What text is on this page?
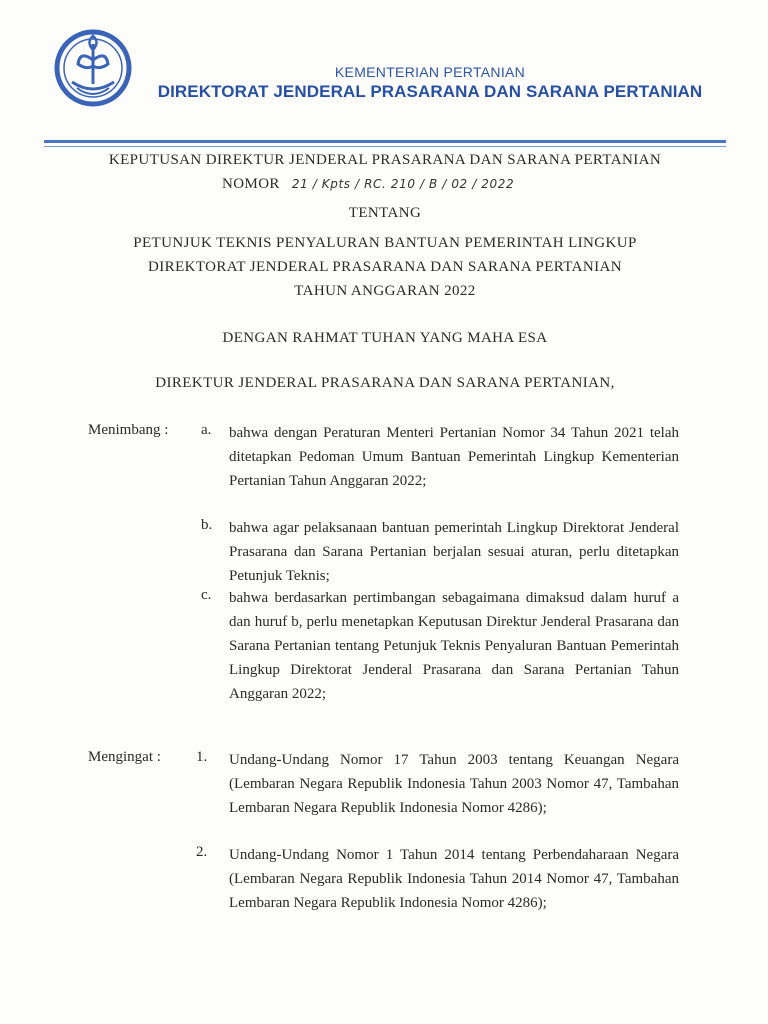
KEMENTERIAN PERTANIAN
DIREKTORAT JENDERAL PRASARANA DAN SARANA PERTANIAN
KEPUTUSAN DIREKTUR JENDERAL PRASARANA DAN SARANA PERTANIAN
NOMOR 21 / Kpts / RC. 210 / B / 02 / 2022
TENTANG
PETUNJUK TEKNIS PENYALURAN BANTUAN PEMERINTAH LINGKUP
DIREKTORAT JENDERAL PRASARANA DAN SARANA PERTANIAN
TAHUN ANGGARAN 2022
DENGAN RAHMAT TUHAN YANG MAHA ESA
DIREKTUR JENDERAL PRASARANA DAN SARANA PERTANIAN,
Menimbang : a. bahwa dengan Peraturan Menteri Pertanian Nomor 34 Tahun 2021 telah ditetapkan Pedoman Umum Bantuan Pemerintah Lingkup Kementerian Pertanian Tahun Anggaran 2022;
b. bahwa agar pelaksanaan bantuan pemerintah Lingkup Direktorat Jenderal Prasarana dan Sarana Pertanian berjalan sesuai aturan, perlu ditetapkan Petunjuk Teknis;
c. bahwa berdasarkan pertimbangan sebagaimana dimaksud dalam huruf a dan huruf b, perlu menetapkan Keputusan Direktur Jenderal Prasarana dan Sarana Pertanian tentang Petunjuk Teknis Penyaluran Bantuan Pemerintah Lingkup Direktorat Jenderal Prasarana dan Sarana Pertanian Tahun Anggaran 2022;
Mengingat : 1. Undang-Undang Nomor 17 Tahun 2003 tentang Keuangan Negara (Lembaran Negara Republik Indonesia Tahun 2003 Nomor 47, Tambahan Lembaran Negara Republik Indonesia Nomor 4286);
2. Undang-Undang Nomor 1 Tahun 2014 tentang Perbendaharaan Negara (Lembaran Negara Republik Indonesia Tahun 2014 Nomor 47, Tambahan Lembaran Negara Republik Indonesia Nomor 4286);
